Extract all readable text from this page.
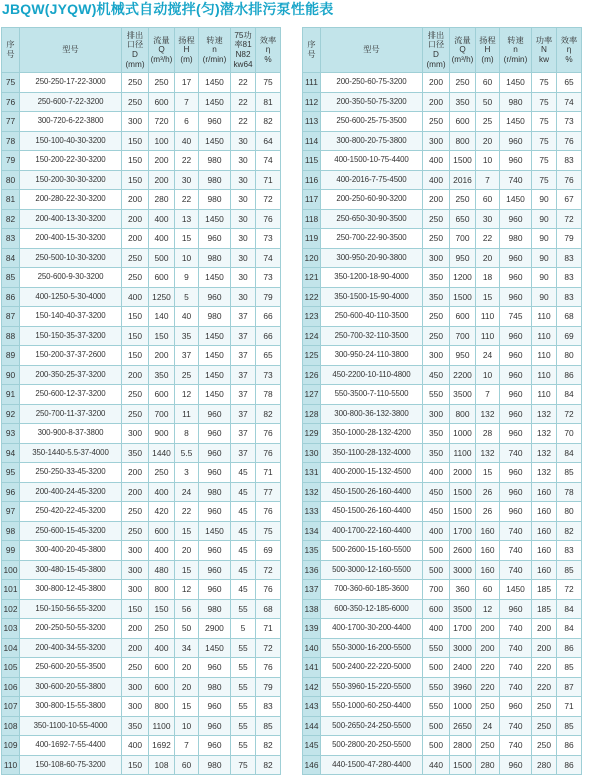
JBQW(JYQW)机械式自动搅拌(匀)潜水排污泵性能表
序
号	型号	排出
口径
D
(mm)	流量
Q
(m³/h)	扬程
H
(m)	转速
n
(r/min)	75功
率81
N82
kw64	效率
η
%

75	250-250-17-22-3000	250	250	17	1450	22	75
76	250-600-7-22-3200	250	600	7	1450	22	81
77	300-720-6-22-3800	300	720	6	960	22	82
78	150-100-40-30-3200	150	100	40	1450	30	64
79	150-200-22-30-3200	150	200	22	980	30	74
80	150-200-30-30-3200	150	200	30	980	30	71
81	200-280-22-30-3200	200	280	22	980	30	72
82	200-400-13-30-3200	200	400	13	1450	30	76
83	200-400-15-30-3200	200	400	15	960	30	73
84	250-500-10-30-3200	250	500	10	980	30	74
85	250-600-9-30-3200	250	600	9	1450	30	73
86	400-1250-5-30-4000	400	1250	5	960	30	79
87	150-140-40-37-3200	150	140	40	980	37	66
88	150-150-35-37-3200	150	150	35	1450	37	66
89	150-200-37-37-2600	150	200	37	1450	37	65
90	200-350-25-37-3200	200	350	25	1450	37	73
91	250-600-12-37-3200	250	600	12	1450	37	78
92	250-700-11-37-3200	250	700	11	960	37	82
93	300-900-8-37-3800	300	900	8	960	37	76
94	350-1440-5.5-37-4000	350	1440	5.5	960	37	76
95	250-250-33-45-3200	200	250	3	960	45	71
96	200-400-24-45-3200	200	400	24	980	45	77
97	250-420-22-45-3200	250	420	22	960	45	76
98	250-600-15-45-3200	250	600	15	1450	45	75
99	300-400-20-45-3800	300	400	20	960	45	69
100	300-480-15-45-3800	300	480	15	960	45	72
101	300-800-12-45-3800	300	800	12	960	45	76
102	150-150-56-55-3200	150	150	56	980	55	68
103	200-250-50-55-3200	200	250	50	2900	5	71
104	200-400-34-55-3200	200	400	34	1450	55	72
105	250-600-20-55-3500	250	600	20	960	55	76
106	300-600-20-55-3800	300	600	20	980	55	79
107	300-800-15-55-3800	300	800	15	960	55	83
108	350-1100-10-55-4000	350	1100	10	960	55	85
109	400-1692-7-55-4400	400	1692	7	960	55	82
110	150-108-60-75-3200	150	108	60	980	75	82
序
号	型号	排出
口径
D
(mm)	流量
Q
(m³/h)	扬程
H
(m)	转速
n
(r/min)	功率
N
kw	效率
η
%

111	200-250-60-75-3200	200	250	60	1450	75	65
112	200-350-50-75-3200	200	350	50	980	75	74
113	250-600-25-75-3500	250	600	25	1450	75	73
114	300-800-20-75-3800	300	800	20	960	75	76
115	400-1500-10-75-4400	400	1500	10	960	75	83
116	400-2016-7-75-4500	400	2016	7	740	75	76
117	200-250-60-90-3200	200	250	60	1450	90	67
118	250-650-30-90-3500	250	650	30	960	90	72
119	250-700-22-90-3500	250	700	22	980	90	79
120	300-950-20-90-3800	300	950	20	960	90	83
121	350-1200-18-90-4000	350	1200	18	960	90	83
122	350-1500-15-90-4000	350	1500	15	960	90	83
123	250-600-40-110-3500	250	600	110	745	110	68
124	250-700-32-110-3500	250	700	110	960	110	69
125	300-950-24-110-3800	300	950	24	960	110	80
126	450-2200-10-110-4800	450	2200	10	960	110	86
127	550-3500-7-110-5500	550	3500	7	960	110	84
128	300-800-36-132-3800	300	800	132	960	132	72
129	350-1000-28-132-4200	350	1000	28	960	132	70
130	350-1100-28-132-4000	350	1100	132	740	132	84
131	400-2000-15-132-4500	400	2000	15	960	132	85
132	450-1500-26-160-4400	450	1500	26	960	160	78
133	450-1500-26-160-4400	450	1500	26	960	160	80
134	400-1700-22-160-4400	400	1700	160	740	160	82
135	500-2600-15-160-5500	500	2600	160	740	160	83
136	500-3000-12-160-5500	500	3000	160	740	160	85
137	700-360-60-185-3600	700	360	60	1450	185	72
138	600-350-12-185-6000	600	3500	12	960	185	84
139	400-1700-30-200-4400	400	1700	200	740	200	84
140	550-3000-16-200-5500	550	3000	200	740	200	86
141	500-2400-22-220-5000	500	2400	220	740	220	85
142	550-3960-15-220-5500	550	3960	220	740	220	87
143	550-1000-60-250-4400	550	1000	250	960	250	71
144	500-2650-24-250-5500	500	2650	24	740	250	85
145	500-2800-20-250-5500	500	2800	250	740	250	86
146	440-1500-47-280-4400	440	1500	280	960	280	86
